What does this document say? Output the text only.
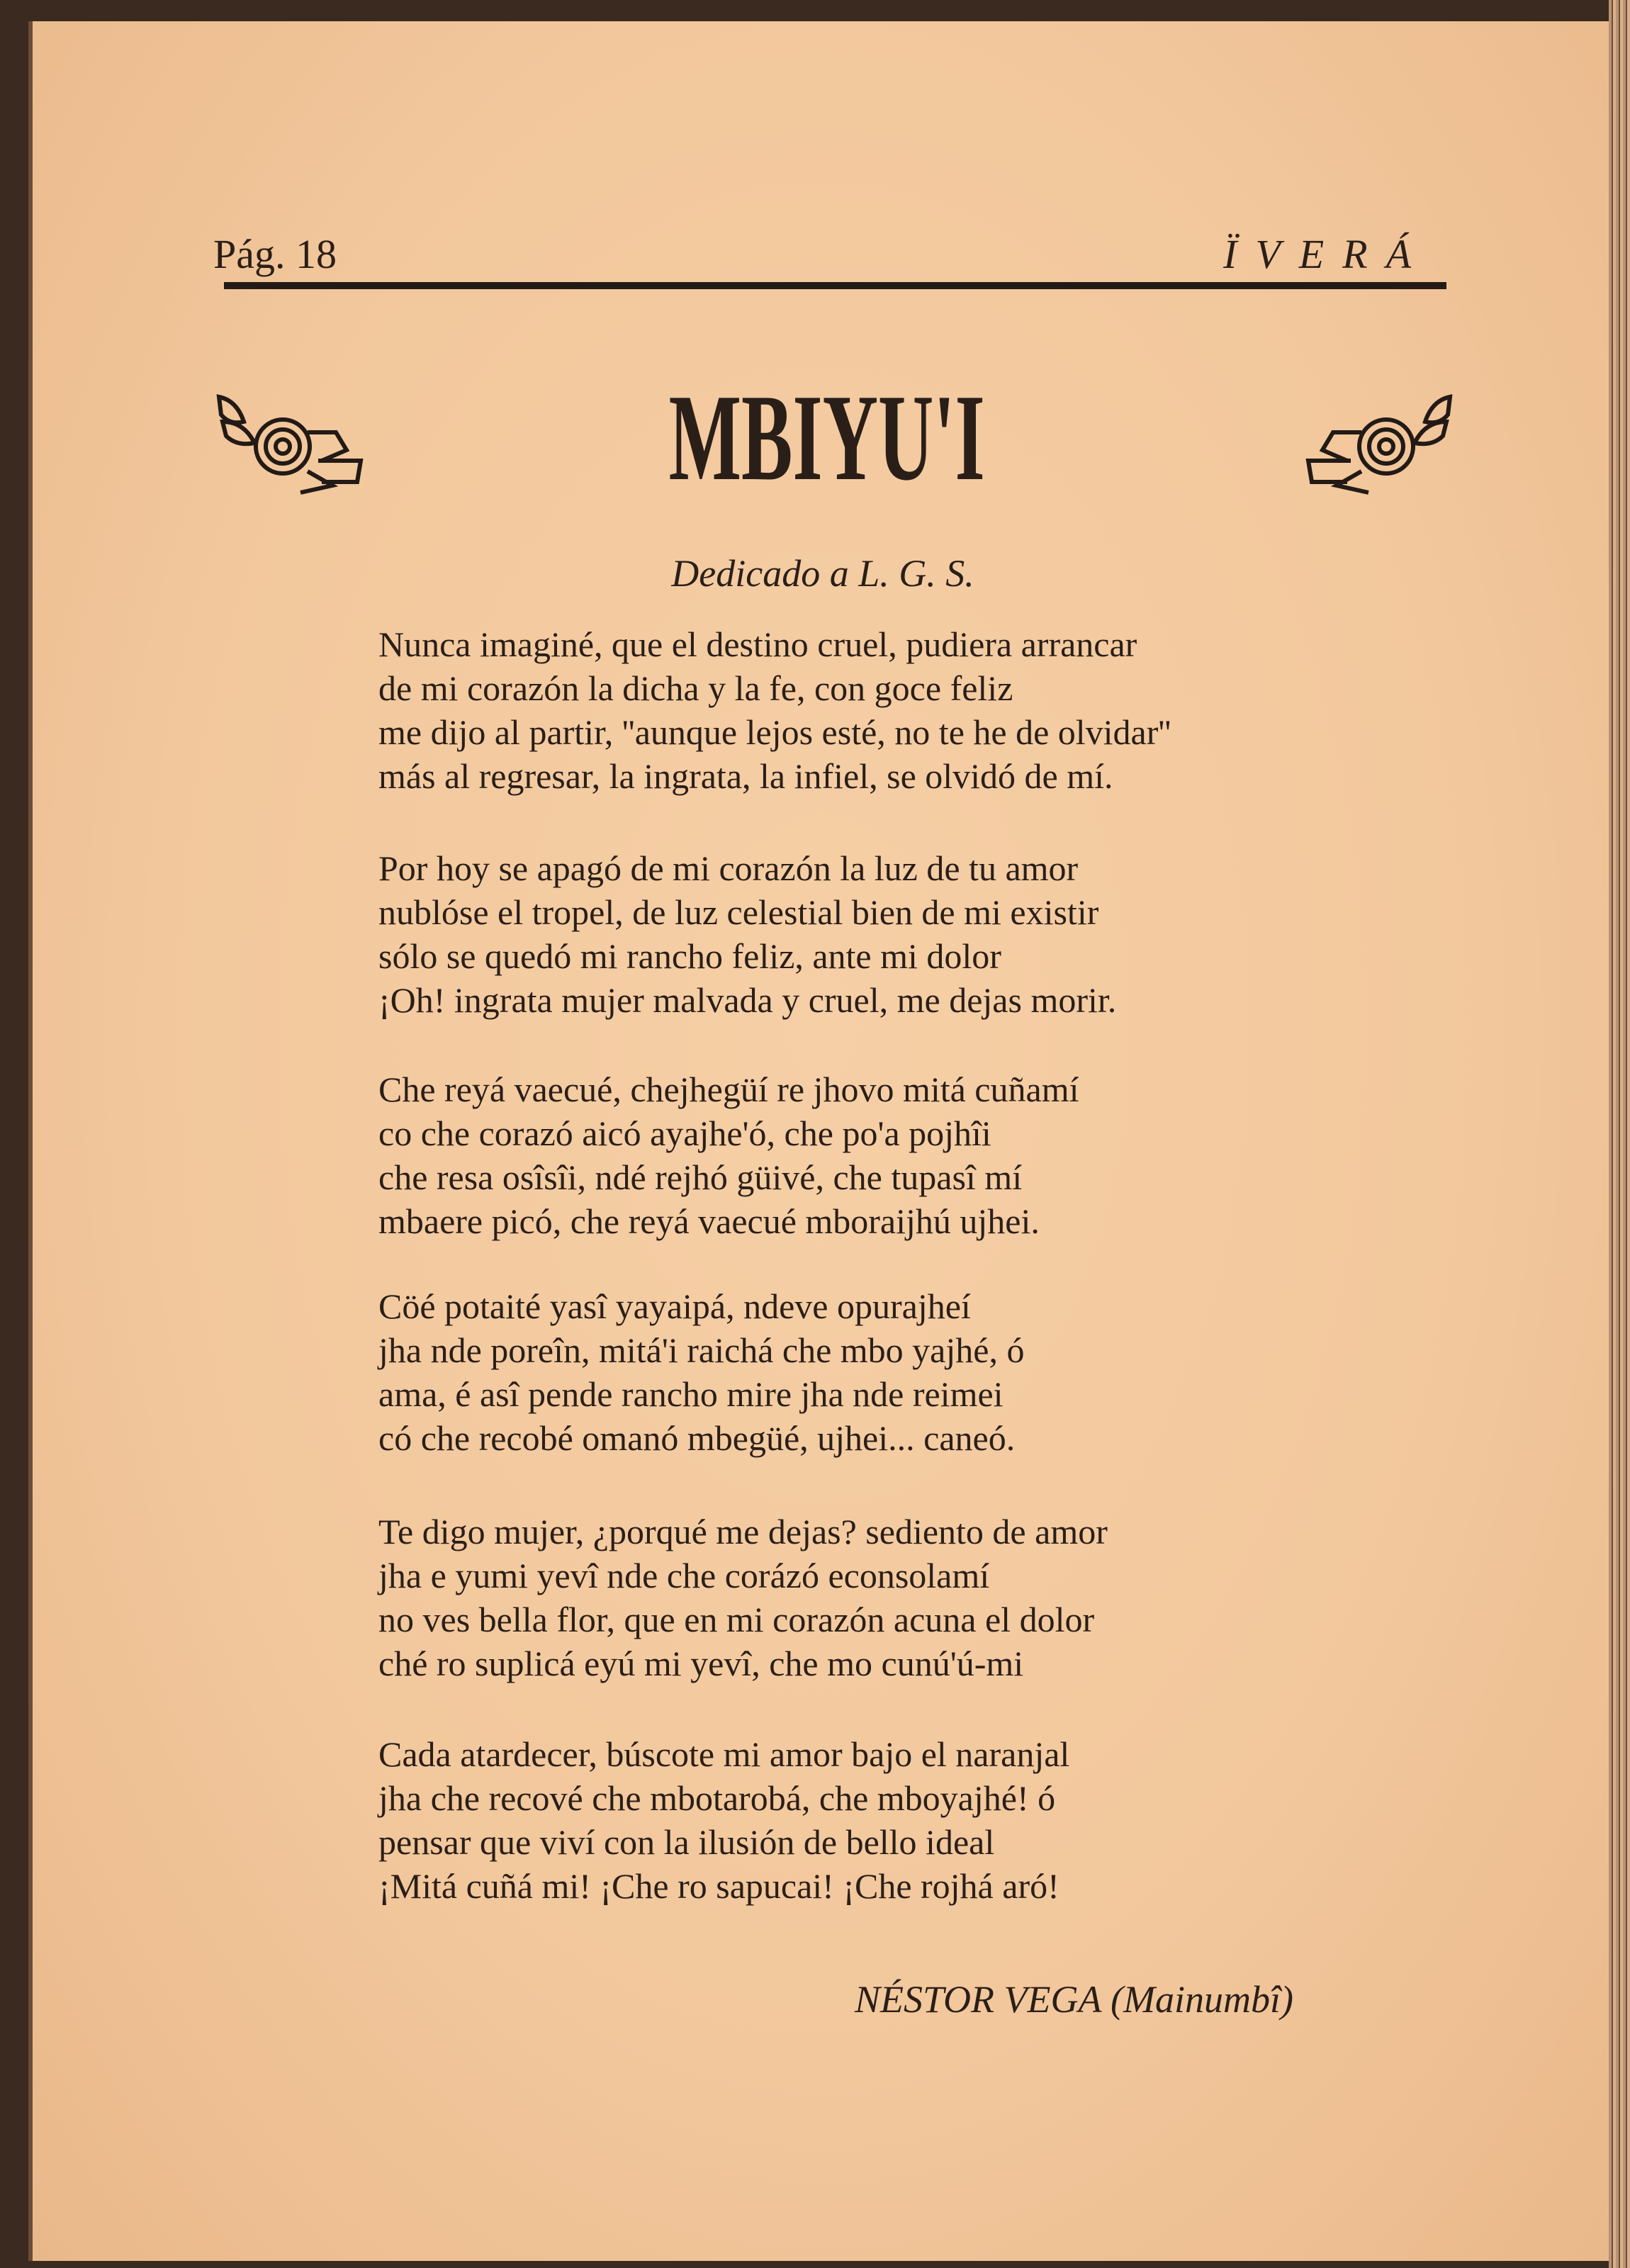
Pág. 18	ÏVERÁ
MBIYU'I
Dedicado a L. G. S.
Nunca imaginé, que el destino cruel, pudiera arrancar
de mi corazón la dicha y la fe, con goce feliz
me dijo al partir, ''aunque lejos esté, no te he de olvidar''
más al regresar, la ingrata, la infiel, se olvidó de mí.
Por hoy se apagó de mi corazón la luz de tu amor
nublóse el tropel, de luz celestial bien de mi existir
sólo se quedó mi rancho feliz, ante mi dolor
¡Oh! ingrata mujer malvada y cruel, me dejas morir.
Che reyá vaecué, chejhegüí re jhovo mitá cuñamí
co che corazó aicó ayajhe'ó, che po'a pojhîi
che resa osîsîi, ndé rejhó güivé, che tupasî mí
mbaere picó, che reyá vaecué mboraijhú ujhei.
Cöé potaité yasî yayaipá, ndeve opurajheí
jha nde poreîn, mitá'i raichá che mbo yajhé, ó
ama, é asî pende rancho mire jha nde reimei
có che recobé omanó mbegüé, ujhei... caneó.
Te digo mujer, ¿porqué me dejas? sediento de amor
jha e yumi yevî nde che corázó econsolamí
no ves bella flor, que en mi corazón acuna el dolor
ché ro suplicá eyú mi yevî, che mo cunú'ú-mi
Cada atardecer, búscote mi amor bajo el naranjal
jha che recové che mbotarobá, che mboyajhé! ó
pensar que viví con la ilusión de bello ideal
¡Mitá cuñá mi! ¡Che ro sapucai! ¡Che rojhá aró!
NÉSTOR VEGA (Mainumbî)
